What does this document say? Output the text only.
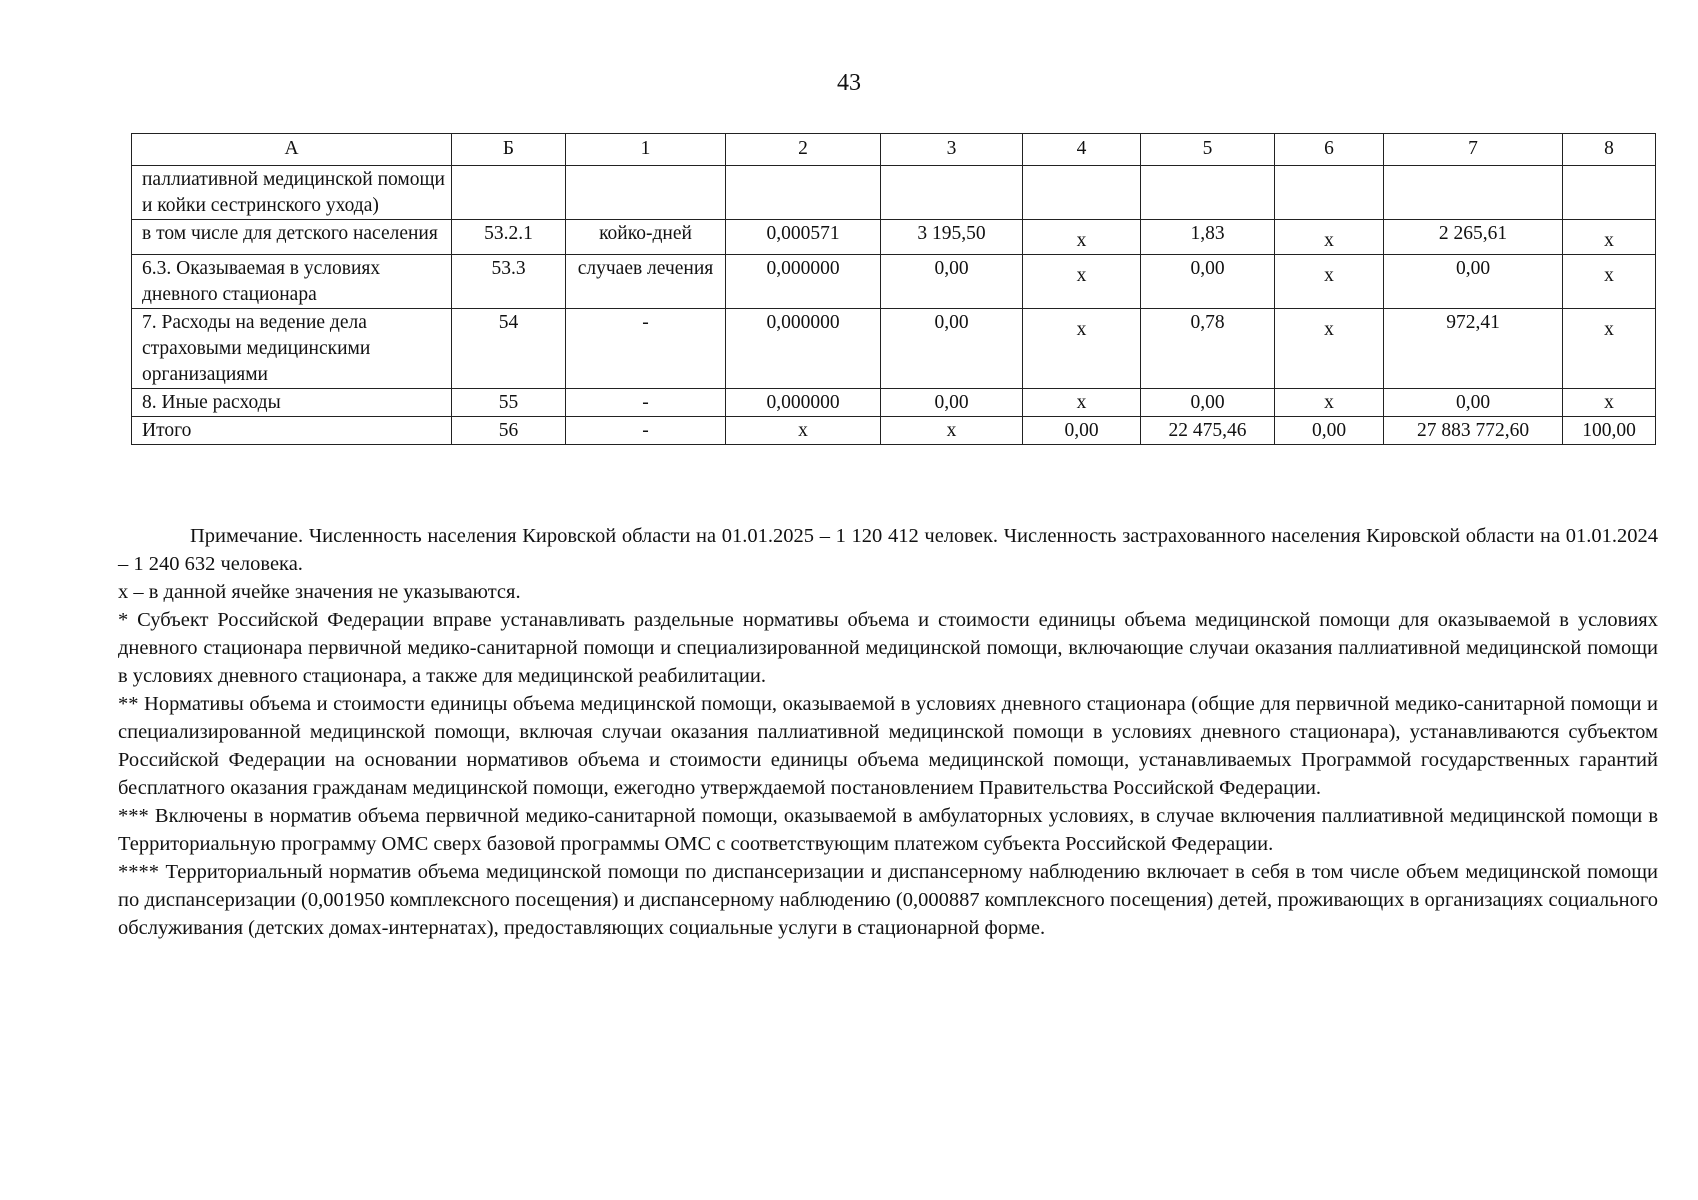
43
А	Б	1	2	3	4	5	6	7	8
паллиативной медицинской помощи и койки сестринского ухода)									
в том числе для детского населения	53.2.1	койко-дней	0,000571	3 195,50	х	1,83	х	2 265,61	х
6.3. Оказываемая в условиях дневного стационара	53.3	случаев лечения	0,000000	0,00	х	0,00	х	0,00	х
7. Расходы на ведение дела страховыми медицинскими организациями	54	-	0,000000	0,00	х	0,78	х	972,41	х
8. Иные расходы	55	-	0,000000	0,00	х	0,00	х	0,00	х
Итого	56	-	х	х	0,00	22 475,46	0,00	27 883 772,60	100,00

Примечание. Численность населения Кировской области на 01.01.2025 – 1 120 412 человек. Численность застрахованного населения Кировской области на 01.01.2024 – 1 240 632 человека.

х – в данной ячейке значения не указываются.

* Субъект Российской Федерации вправе устанавливать раздельные нормативы объема и стоимости единицы объема медицинской помощи для оказываемой в условиях дневного стационара первичной медико-санитарной помощи и специализированной медицинской помощи, включающие случаи оказания паллиативной медицинской помощи в условиях дневного стационара, а также для медицинской реабилитации.

** Нормативы объема и стоимости единицы объема медицинской помощи, оказываемой в условиях дневного стационара (общие для первичной медико-санитарной помощи и специализированной медицинской помощи, включая случаи оказания паллиативной медицинской помощи в условиях дневного стационара), устанавливаются субъектом Российской Федерации на основании нормативов объема и стоимости единицы объема медицинской помощи, устанавливаемых Программой государственных гарантий бесплатного оказания гражданам медицинской помощи, ежегодно утверждаемой постановлением Правительства Российской Федерации.

*** Включены в норматив объема первичной медико-санитарной помощи, оказываемой в амбулаторных условиях, в случае включения паллиативной медицинской помощи в Территориальную программу ОМС сверх базовой программы ОМС с соответствующим платежом субъекта Российской Федерации.

**** Территориальный норматив объема медицинской помощи по диспансеризации и диспансерному наблюдению включает в себя в том числе объем медицинской помощи по диспансеризации (0,001950 комплексного посещения) и диспансерному наблюдению (0,000887 комплексного посещения) детей, проживающих в организациях социального обслуживания (детских домах-интернатах), предоставляющих социальные услуги в стационарной форме.
